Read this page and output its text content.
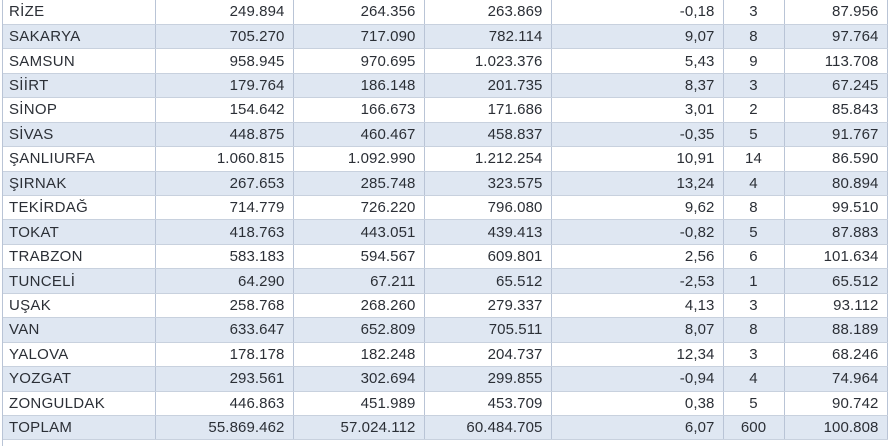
RİZE	249.894	264.356	263.869	-0,18	3	87.956
SAKARYA	705.270	717.090	782.114	9,07	8	97.764
SAMSUN	958.945	970.695	1.023.376	5,43	9	113.708
SİİRT	179.764	186.148	201.735	8,37	3	67.245
SİNOP	154.642	166.673	171.686	3,01	2	85.843
SİVAS	448.875	460.467	458.837	-0,35	5	91.767
ŞANLIURFA	1.060.815	1.092.990	1.212.254	10,91	14	86.590
ŞIRNAK	267.653	285.748	323.575	13,24	4	80.894
TEKİRDAĞ	714.779	726.220	796.080	9,62	8	99.510
TOKAT	418.763	443.051	439.413	-0,82	5	87.883
TRABZON	583.183	594.567	609.801	2,56	6	101.634
TUNCELİ	64.290	67.211	65.512	-2,53	1	65.512
UŞAK	258.768	268.260	279.337	4,13	3	93.112
VAN	633.647	652.809	705.511	8,07	8	88.189
YALOVA	178.178	182.248	204.737	12,34	3	68.246
YOZGAT	293.561	302.694	299.855	-0,94	4	74.964
ZONGULDAK	446.863	451.989	453.709	0,38	5	90.742
TOPLAM	55.869.462	57.024.112	60.484.705	6,07	600	100.808
